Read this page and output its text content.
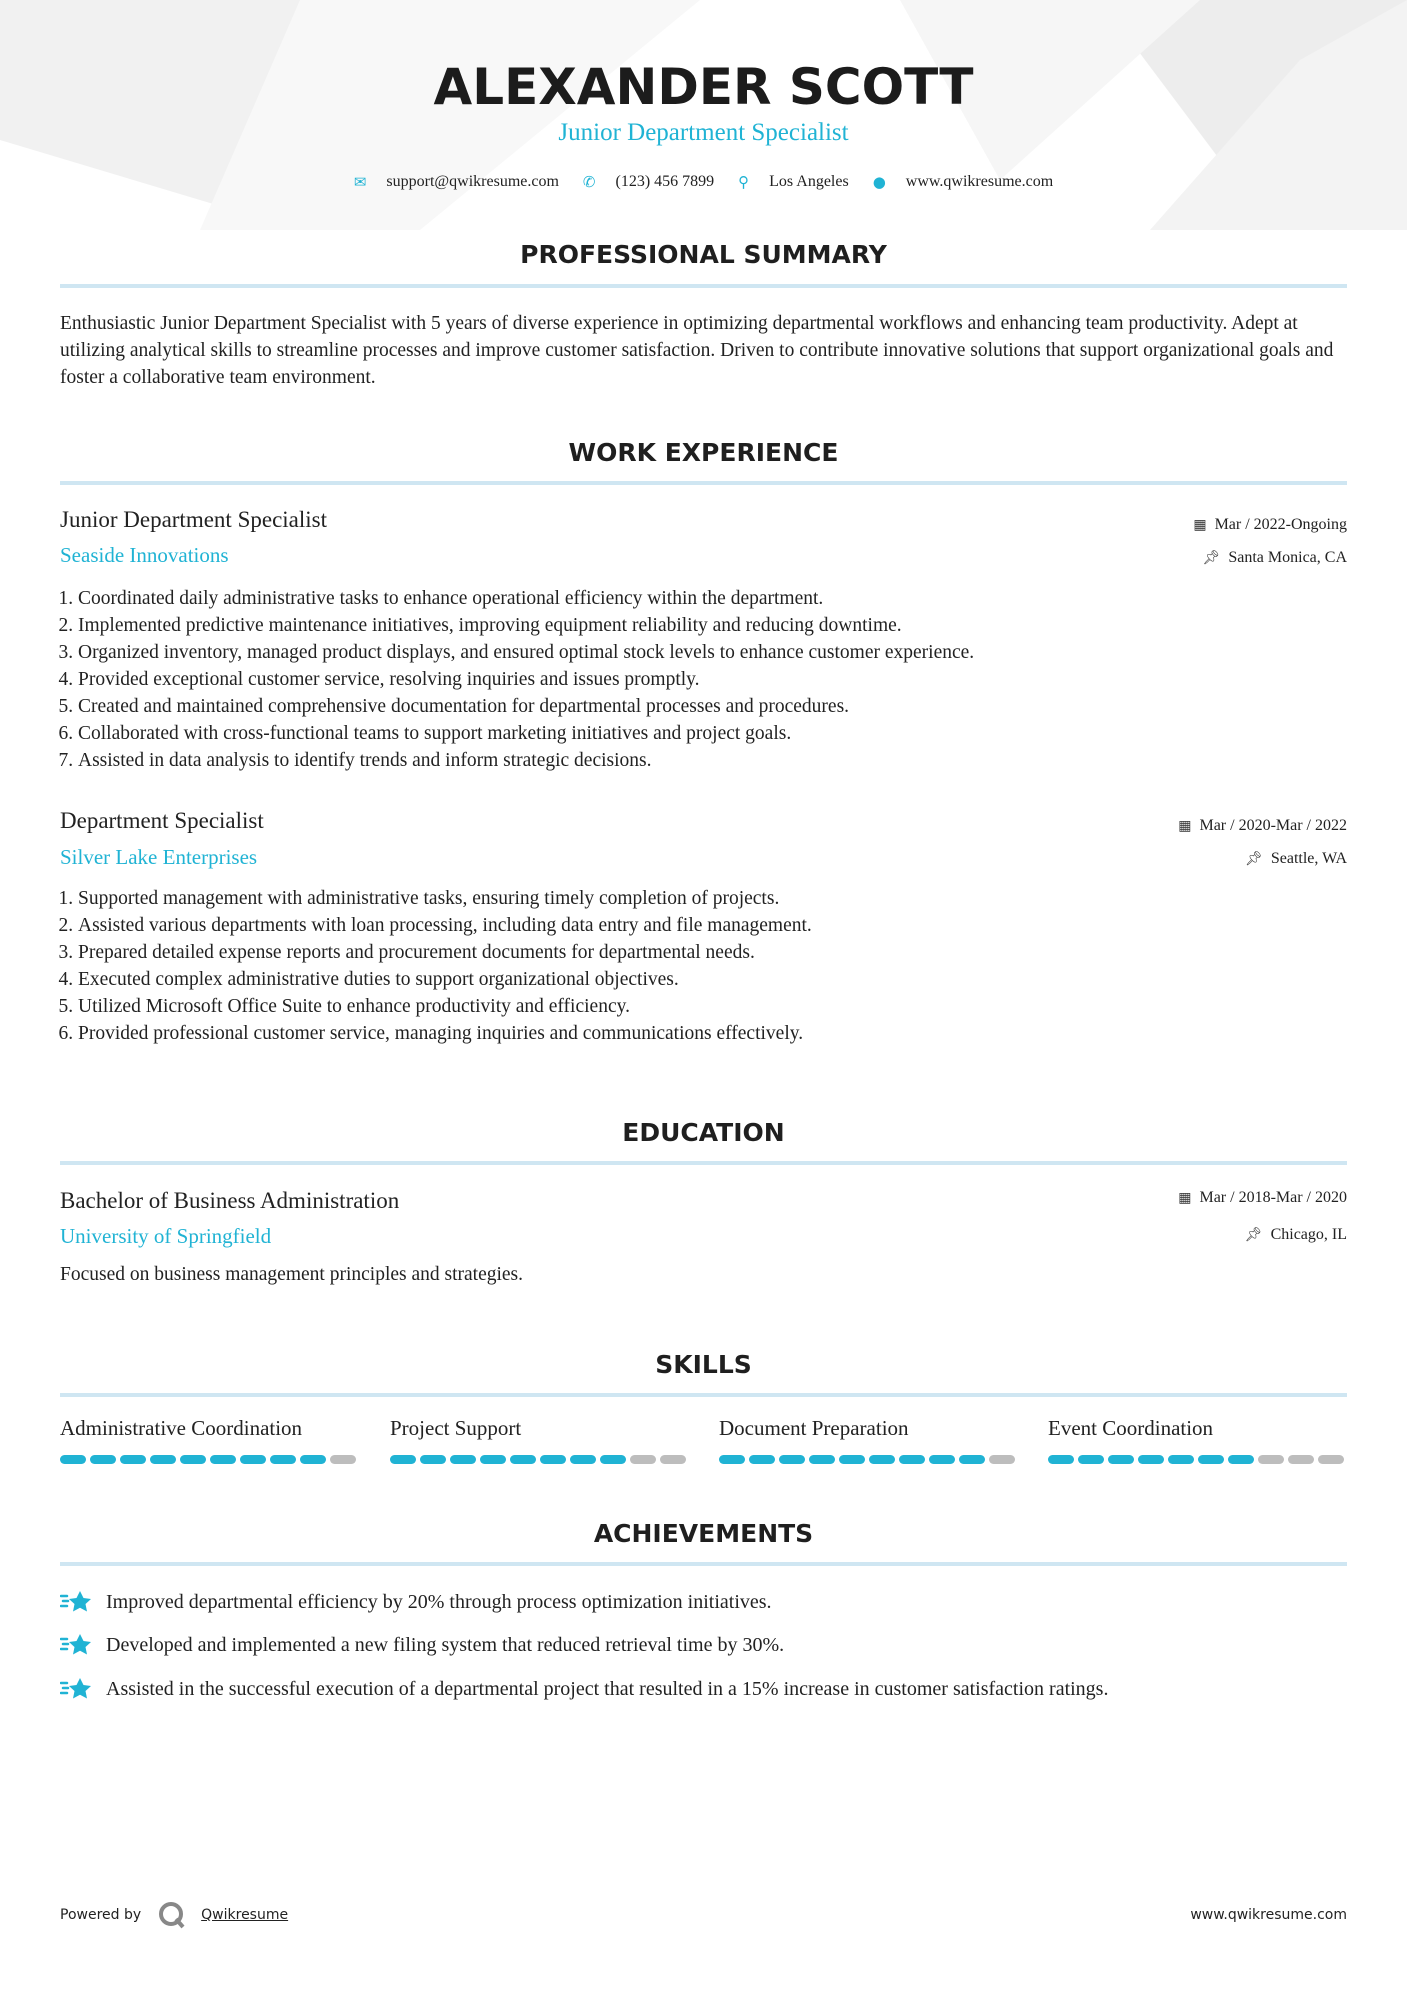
ALEXANDER SCOTT
Junior Department Specialist
✉ support@qwikresume.com ✆ (123) 456 7899 ⚲ Los Angeles ● www.qwikresume.com
PROFESSIONAL SUMMARY
Enthusiastic Junior Department Specialist with 5 years of diverse experience in optimizing departmental workflows and enhancing team productivity. Adept at utilizing analytical skills to streamline processes and improve customer satisfaction. Driven to contribute innovative solutions that support organizational goals and foster a collaborative team environment.
WORK EXPERIENCE
Junior Department Specialist	▦ Mar / 2022-Ongoing
Seaside Innovations	📌︎ Santa Monica, CA
1. Coordinated daily administrative tasks to enhance operational efficiency within the department.
2. Implemented predictive maintenance initiatives, improving equipment reliability and reducing downtime.
3. Organized inventory, managed product displays, and ensured optimal stock levels to enhance customer experience.
4. Provided exceptional customer service, resolving inquiries and issues promptly.
5. Created and maintained comprehensive documentation for departmental processes and procedures.
6. Collaborated with cross-functional teams to support marketing initiatives and project goals.
7. Assisted in data analysis to identify trends and inform strategic decisions.
Department Specialist	▦ Mar / 2020-Mar / 2022
Silver Lake Enterprises	📌︎ Seattle, WA
1. Supported management with administrative tasks, ensuring timely completion of projects.
2. Assisted various departments with loan processing, including data entry and file management.
3. Prepared detailed expense reports and procurement documents for departmental needs.
4. Executed complex administrative duties to support organizational objectives.
5. Utilized Microsoft Office Suite to enhance productivity and efficiency.
6. Provided professional customer service, managing inquiries and communications effectively.
EDUCATION
Bachelor of Business Administration	▦ Mar / 2018-Mar / 2020
University of Springfield	📌︎ Chicago, IL
Focused on business management principles and strategies.
SKILLS
Administrative Coordination	Project Support	Document Preparation	Event Coordination
ACHIEVEMENTS
Improved departmental efficiency by 20% through process optimization initiatives.
Developed and implemented a new filing system that reduced retrieval time by 30%.
Assisted in the successful execution of a departmental project that resulted in a 15% increase in customer satisfaction ratings.
Powered by	Qwikresume	www.qwikresume.com
